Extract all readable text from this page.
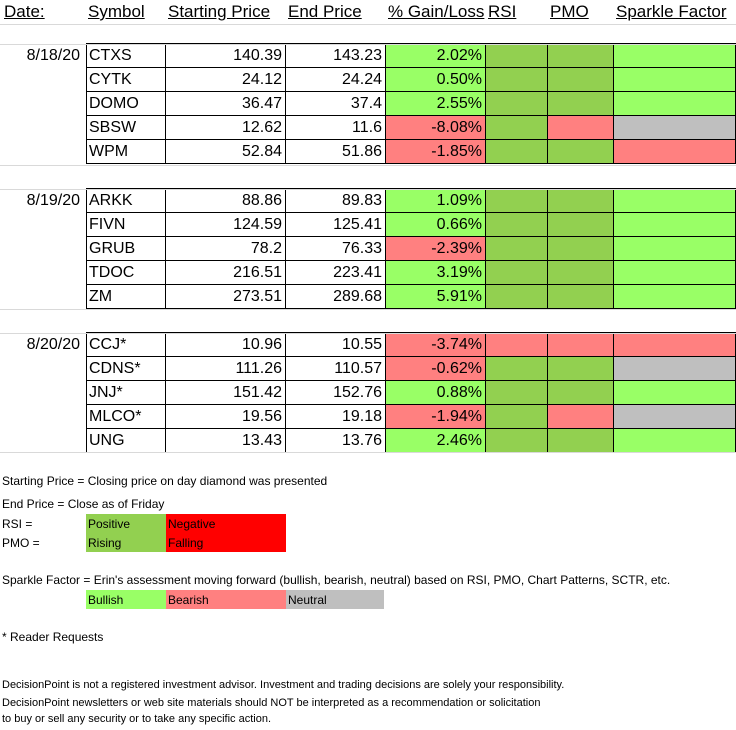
Date:	Symbol	Starting Price	End Price	% Gain/Loss RSI	PMO	Sparkle Factor
8/18/20 CTXS	140.39	143.23	2.02%
CYTK	24.12	24.24	0.50%
DOMO	36.47	37.4	2.55%
SBSW	12.62	11.6	-8.08%
WPM	52.84	51.86	-1.85%
8/19/20 ARKK	88.86	89.83	1.09%
FIVN	124.59	125.41	0.66%
GRUB	78.2	76.33	-2.39%
TDOC	216.51	223.41	3.19%
ZM	273.51	289.68	5.91%
8/20/20 CCJ*	10.96	10.55	-3.74%
CDNS*	111.26	110.57	-0.62%
JNJ*	151.42	152.76	0.88%
MLCO*	19.56	19.18	-1.94%
UNG	13.43	13.76	2.46%
Starting Price = Closing price on day diamond was presented
End Price = Close as of Friday
RSI =
PMO =
Positive	Negative
Rising	Falling
Sparkle Factor = Erin's assessment moving forward (bullish, bearish, neutral) based on RSI, PMO, Chart Patterns, SCTR, etc.
Bullish	Bearish	Neutral
* Reader Requests
DecisionPoint is not a registered investment advisor. Investment and trading decisions are solely your responsibility.
DecisionPoint newsletters or web site materials should NOT be interpreted as a recommendation or solicitation
to buy or sell any security or to take any specific action.
